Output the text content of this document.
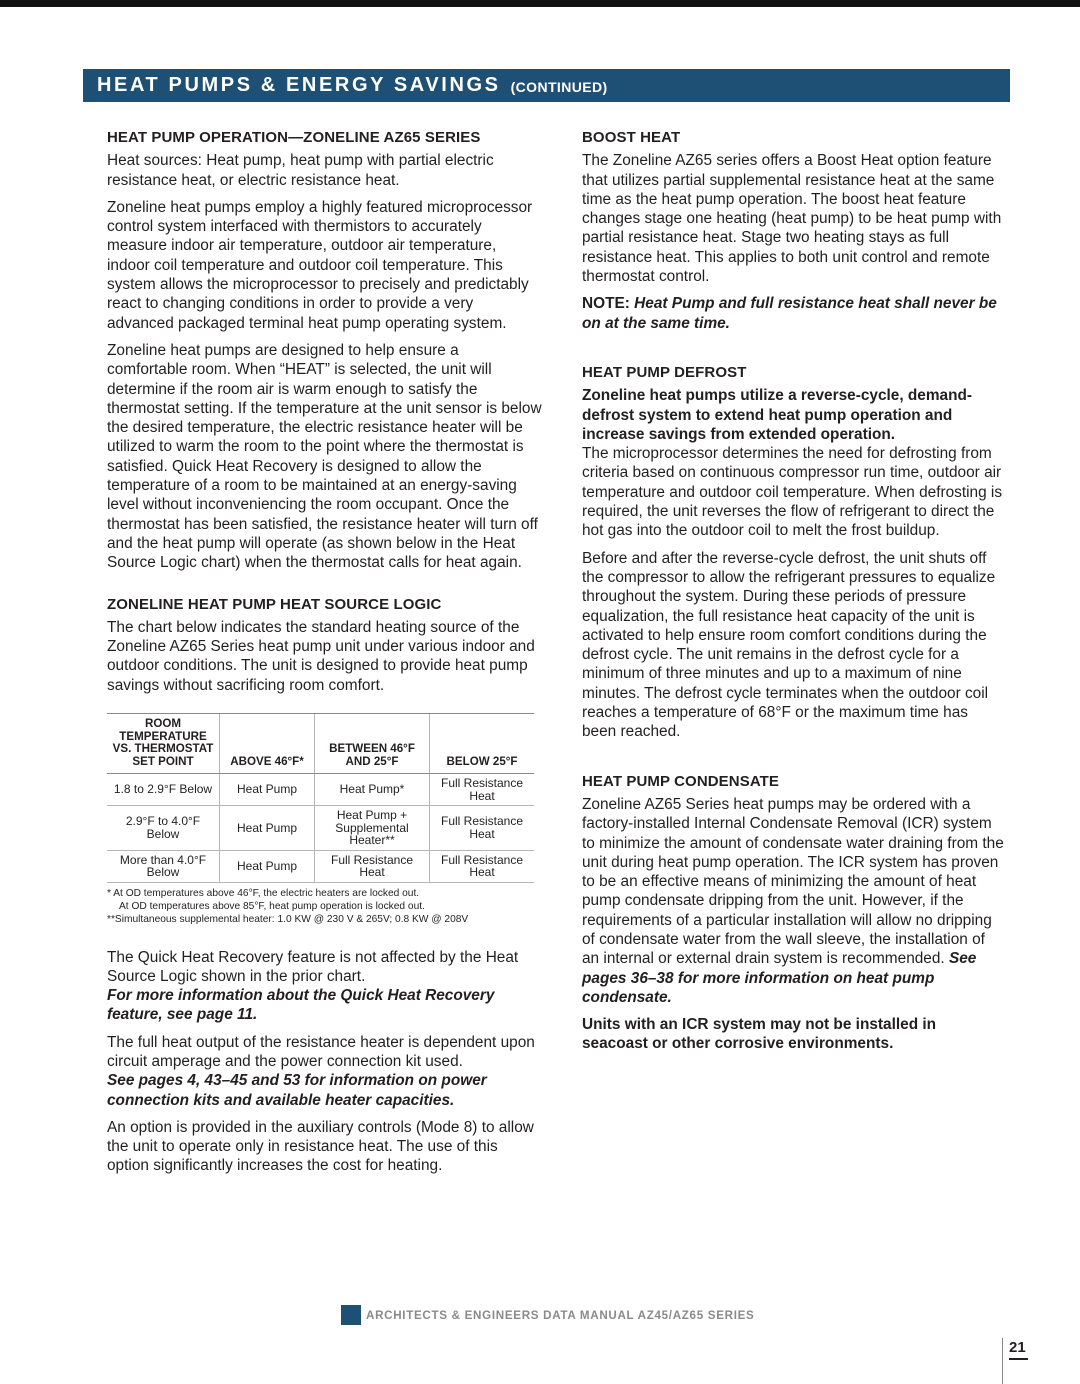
HEAT PUMPS & ENERGY SAVINGS (CONTINUED)
HEAT PUMP OPERATION—ZONELINE AZ65 SERIES
Heat sources: Heat pump, heat pump with partial electric resistance heat, or electric resistance heat.
Zoneline heat pumps employ a highly featured microprocessor control system interfaced with thermistors to accurately measure indoor air temperature, outdoor air temperature, indoor coil temperature and outdoor coil temperature. This system allows the microprocessor to precisely and predictably react to changing conditions in order to provide a very advanced packaged terminal heat pump operating system.
Zoneline heat pumps are designed to help ensure a comfortable room. When “HEAT” is selected, the unit will determine if the room air is warm enough to satisfy the thermostat setting. If the temperature at the unit sensor is below the desired temperature, the electric resistance heater will be utilized to warm the room to the point where the thermostat is satisfied. Quick Heat Recovery is designed to allow the temperature of a room to be maintained at an energy-saving level without inconveniencing the room occupant. Once the thermostat has been satisfied, the resistance heater will turn off and the heat pump will operate (as shown below in the Heat Source Logic chart) when the thermostat calls for heat again.
ZONELINE HEAT PUMP HEAT SOURCE LOGIC
The chart below indicates the standard heating source of the Zoneline AZ65 Series heat pump unit under various indoor and outdoor conditions. The unit is designed to provide heat pump savings without sacrificing room comfort.
ROOM TEMPERATURE VS. THERMOSTAT SET POINT	ABOVE 46°F*	BETWEEN 46°F AND 25°F	BELOW 25°F
1.8 to 2.9°F Below	Heat Pump	Heat Pump*	Full Resistance Heat
2.9°F to 4.0°F Below	Heat Pump	Heat Pump + Supplemental Heater**	Full Resistance Heat
More than 4.0°F Below	Heat Pump	Full Resistance Heat	Full Resistance Heat
* At OD temperatures above 46°F, the electric heaters are locked out.
At OD temperatures above 85°F, heat pump operation is locked out.
**Simultaneous supplemental heater: 1.0 KW @ 230 V & 265V; 0.8 KW @ 208V
The Quick Heat Recovery feature is not affected by the Heat Source Logic shown in the prior chart.
For more information about the Quick Heat Recovery feature, see page 11.
The full heat output of the resistance heater is dependent upon circuit amperage and the power connection kit used.
See pages 4, 43–45 and 53 for information on power connection kits and available heater capacities.
An option is provided in the auxiliary controls (Mode 8) to allow the unit to operate only in resistance heat. The use of this option significantly increases the cost for heating.
BOOST HEAT
The Zoneline AZ65 series offers a Boost Heat option feature that utilizes partial supplemental resistance heat at the same time as the heat pump operation. The boost heat feature changes stage one heating (heat pump) to be heat pump with partial resistance heat. Stage two heating stays as full resistance heat. This applies to both unit control and remote thermostat control.
NOTE: Heat Pump and full resistance heat shall never be on at the same time.
HEAT PUMP DEFROST
Zoneline heat pumps utilize a reverse-cycle, demand-defrost system to extend heat pump operation and increase savings from extended operation.
The microprocessor determines the need for defrosting from criteria based on continuous compressor run time, outdoor air temperature and outdoor coil temperature. When defrosting is required, the unit reverses the flow of refrigerant to direct the hot gas into the outdoor coil to melt the frost buildup.
Before and after the reverse-cycle defrost, the unit shuts off the compressor to allow the refrigerant pressures to equalize throughout the system. During these periods of pressure equalization, the full resistance heat capacity of the unit is activated to help ensure room comfort conditions during the defrost cycle. The unit remains in the defrost cycle for a minimum of three minutes and up to a maximum of nine minutes. The defrost cycle terminates when the outdoor coil reaches a temperature of 68°F or the maximum time has been reached.
HEAT PUMP CONDENSATE
Zoneline AZ65 Series heat pumps may be ordered with a factory-installed Internal Condensate Removal (ICR) system to minimize the amount of condensate water draining from the unit during heat pump operation. The ICR system has proven to be an effective means of minimizing the amount of heat pump condensate dripping from the unit. However, if the requirements of a particular installation will allow no dripping of condensate water from the wall sleeve, the installation of an internal or external drain system is recommended. See pages 36–38 for more information on heat pump condensate.
Units with an ICR system may not be installed in seacoast or other corrosive environments.
ARCHITECTS & ENGINEERS DATA MANUAL AZ45/AZ65 SERIES
21
